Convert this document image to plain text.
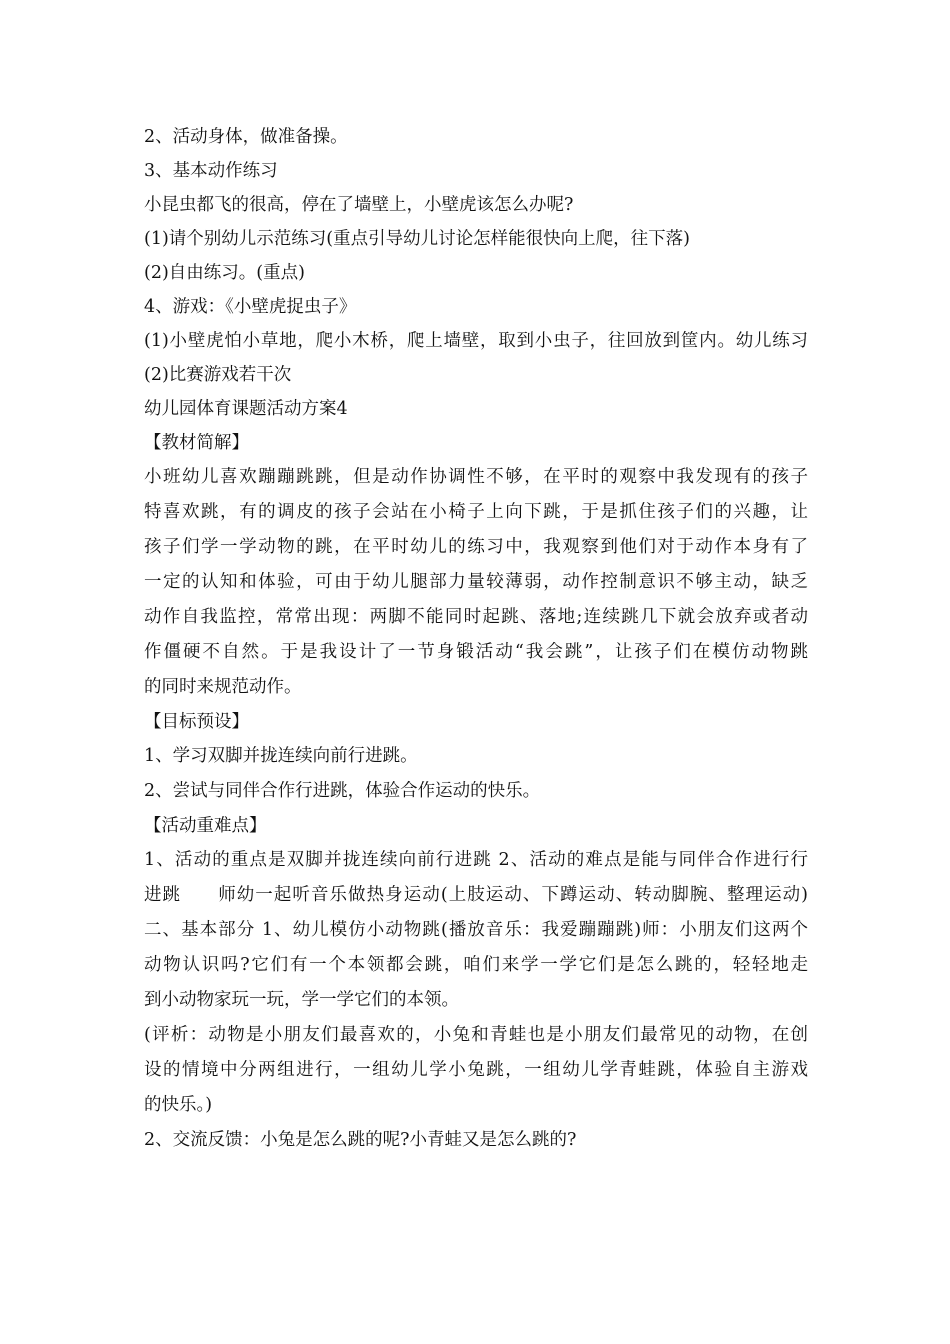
2、活动身体，做准备操。
3、基本动作练习
小昆虫都飞的很高，停在了墙壁上，小壁虎该怎么办呢?
(1)请个别幼儿示范练习(重点引导幼儿讨论怎样能很快向上爬，往下落)
(2)自由练习。(重点)
4、游戏：《小壁虎捉虫子》
(1)小壁虎怕小草地，爬小木桥，爬上墙壁，取到小虫子，往回放到筐内。幼儿练习
(2)比赛游戏若干次
幼儿园体育课题活动方案4
【教材简解】
小班幼儿喜欢蹦蹦跳跳，但是动作协调性不够，在平时的观察中我发现有的孩子
特喜欢跳，有的调皮的孩子会站在小椅子上向下跳，于是抓住孩子们的兴趣，让
孩子们学一学动物的跳，在平时幼儿的练习中，我观察到他们对于动作本身有了
一定的认知和体验，可由于幼儿腿部力量较薄弱，动作控制意识不够主动，缺乏
动作自我监控，常常出现：两脚不能同时起跳、落地;连续跳几下就会放弃或者动
作僵硬不自然。于是我设计了一节身锻活动“我会跳”，让孩子们在模仿动物跳
的同时来规范动作。
【目标预设】
1、学习双脚并拢连续向前行进跳。
2、尝试与同伴合作行进跳，体验合作运动的快乐。
【活动重难点】
1、活动的重点是双脚并拢连续向前行进跳 2、活动的难点是能与同伴合作进行行
进跳　　师幼一起听音乐做热身运动(上肢运动、下蹲运动、转动脚腕、整理运动)
二、基本部分 1、幼儿模仿小动物跳(播放音乐：我爱蹦蹦跳)师：小朋友们这两个
动物认识吗?它们有一个本领都会跳，咱们来学一学它们是怎么跳的，轻轻地走
到小动物家玩一玩，学一学它们的本领。
(评析：动物是小朋友们最喜欢的，小兔和青蛙也是小朋友们最常见的动物，在创
设的情境中分两组进行，一组幼儿学小兔跳，一组幼儿学青蛙跳，体验自主游戏
的快乐。)
2、交流反馈：小兔是怎么跳的呢?小青蛙又是怎么跳的?
